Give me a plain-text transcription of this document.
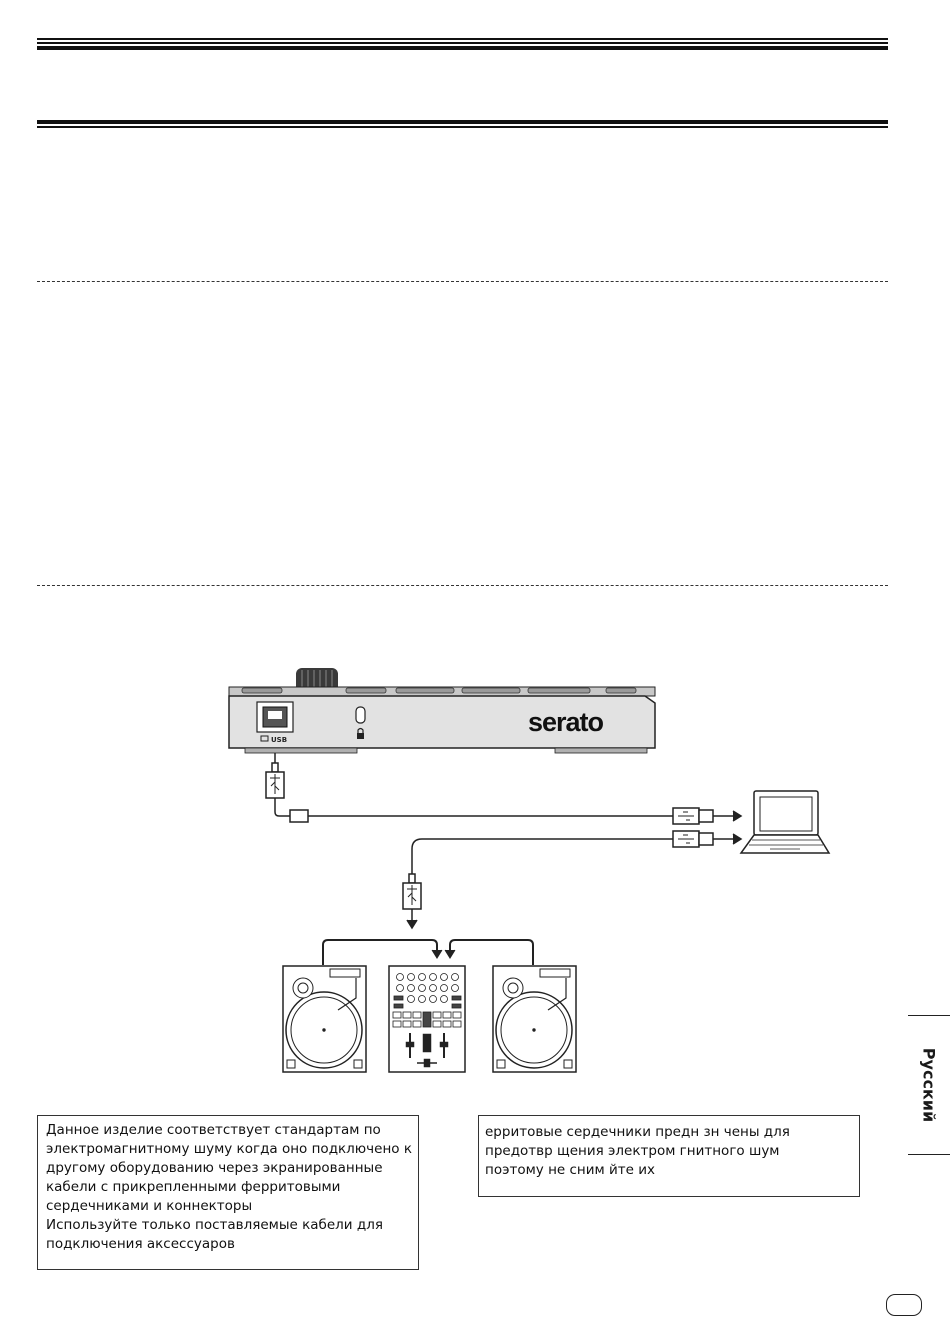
USB
serato
Данное изделие соответствует стандартам по
электромагнитному шуму когда оно подключено к
другому оборудованию через экранированные
кабели с прикрепленными ферритовыми
сердечниками и коннекторы
Используйте только поставляемые кабели для
подключения аксессуаров
ерритовые сердечники предн зн чены для
предотвр щения электром гнитного шум
поэтому не сним йте их
Русский
